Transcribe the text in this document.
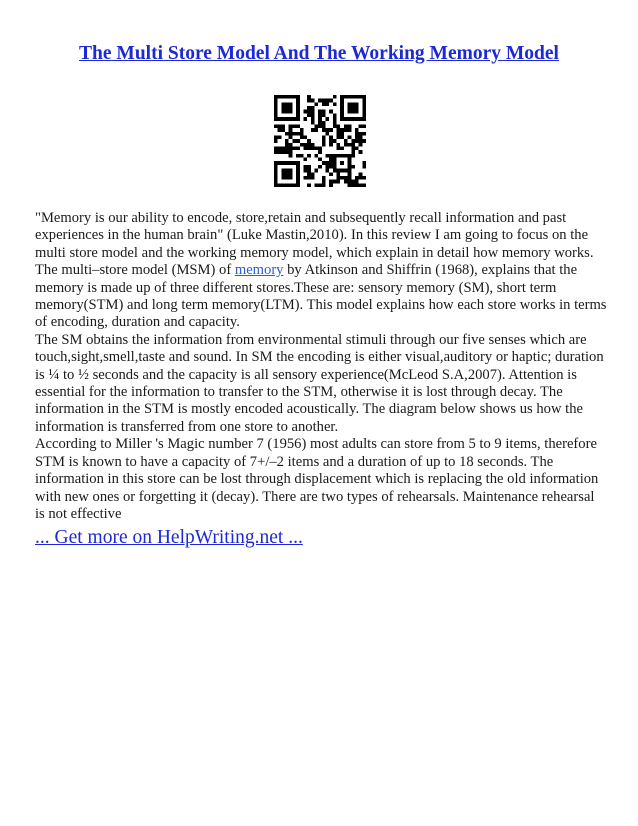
The Multi Store Model And The Working Memory Model

"Memory is our ability to encode, store,retain and subsequently recall information and past experiences in the human brain" (Luke Mastin,2010). In this review I am going to focus on the multi store model and the working memory model, which explain in detail how memory works.

The multi–store model (MSM) of memory by Atkinson and Shiffrin (1968), explains that the memory is made up of three different stores.These are: sensory memory (SM), short term memory(STM) and long term memory(LTM). This model explains how each store works in terms of encoding, duration and capacity.

The SM obtains the information from environmental stimuli through our five senses which are touch,sight,smell,taste and sound. In SM the encoding is either visual,auditory or haptic; duration is ¼ to ½ seconds and the capacity is all sensory experience(McLeod S.A,2007). Attention is essential for the information to transfer to the STM, otherwise it is lost through decay. The information in the STM is mostly encoded acoustically. The diagram below shows us how the information is transferred from one store to another.

According to Miller 's Magic number 7 (1956) most adults can store from 5 to 9 items, therefore STM is known to have a capacity of 7+/–2 items and a duration of up to 18 seconds. The information in this store can be lost through displacement which is replacing the old information with new ones or forgetting it (decay). There are two types of rehearsals. Maintenance rehearsal is not effective

... Get more on HelpWriting.net ...
